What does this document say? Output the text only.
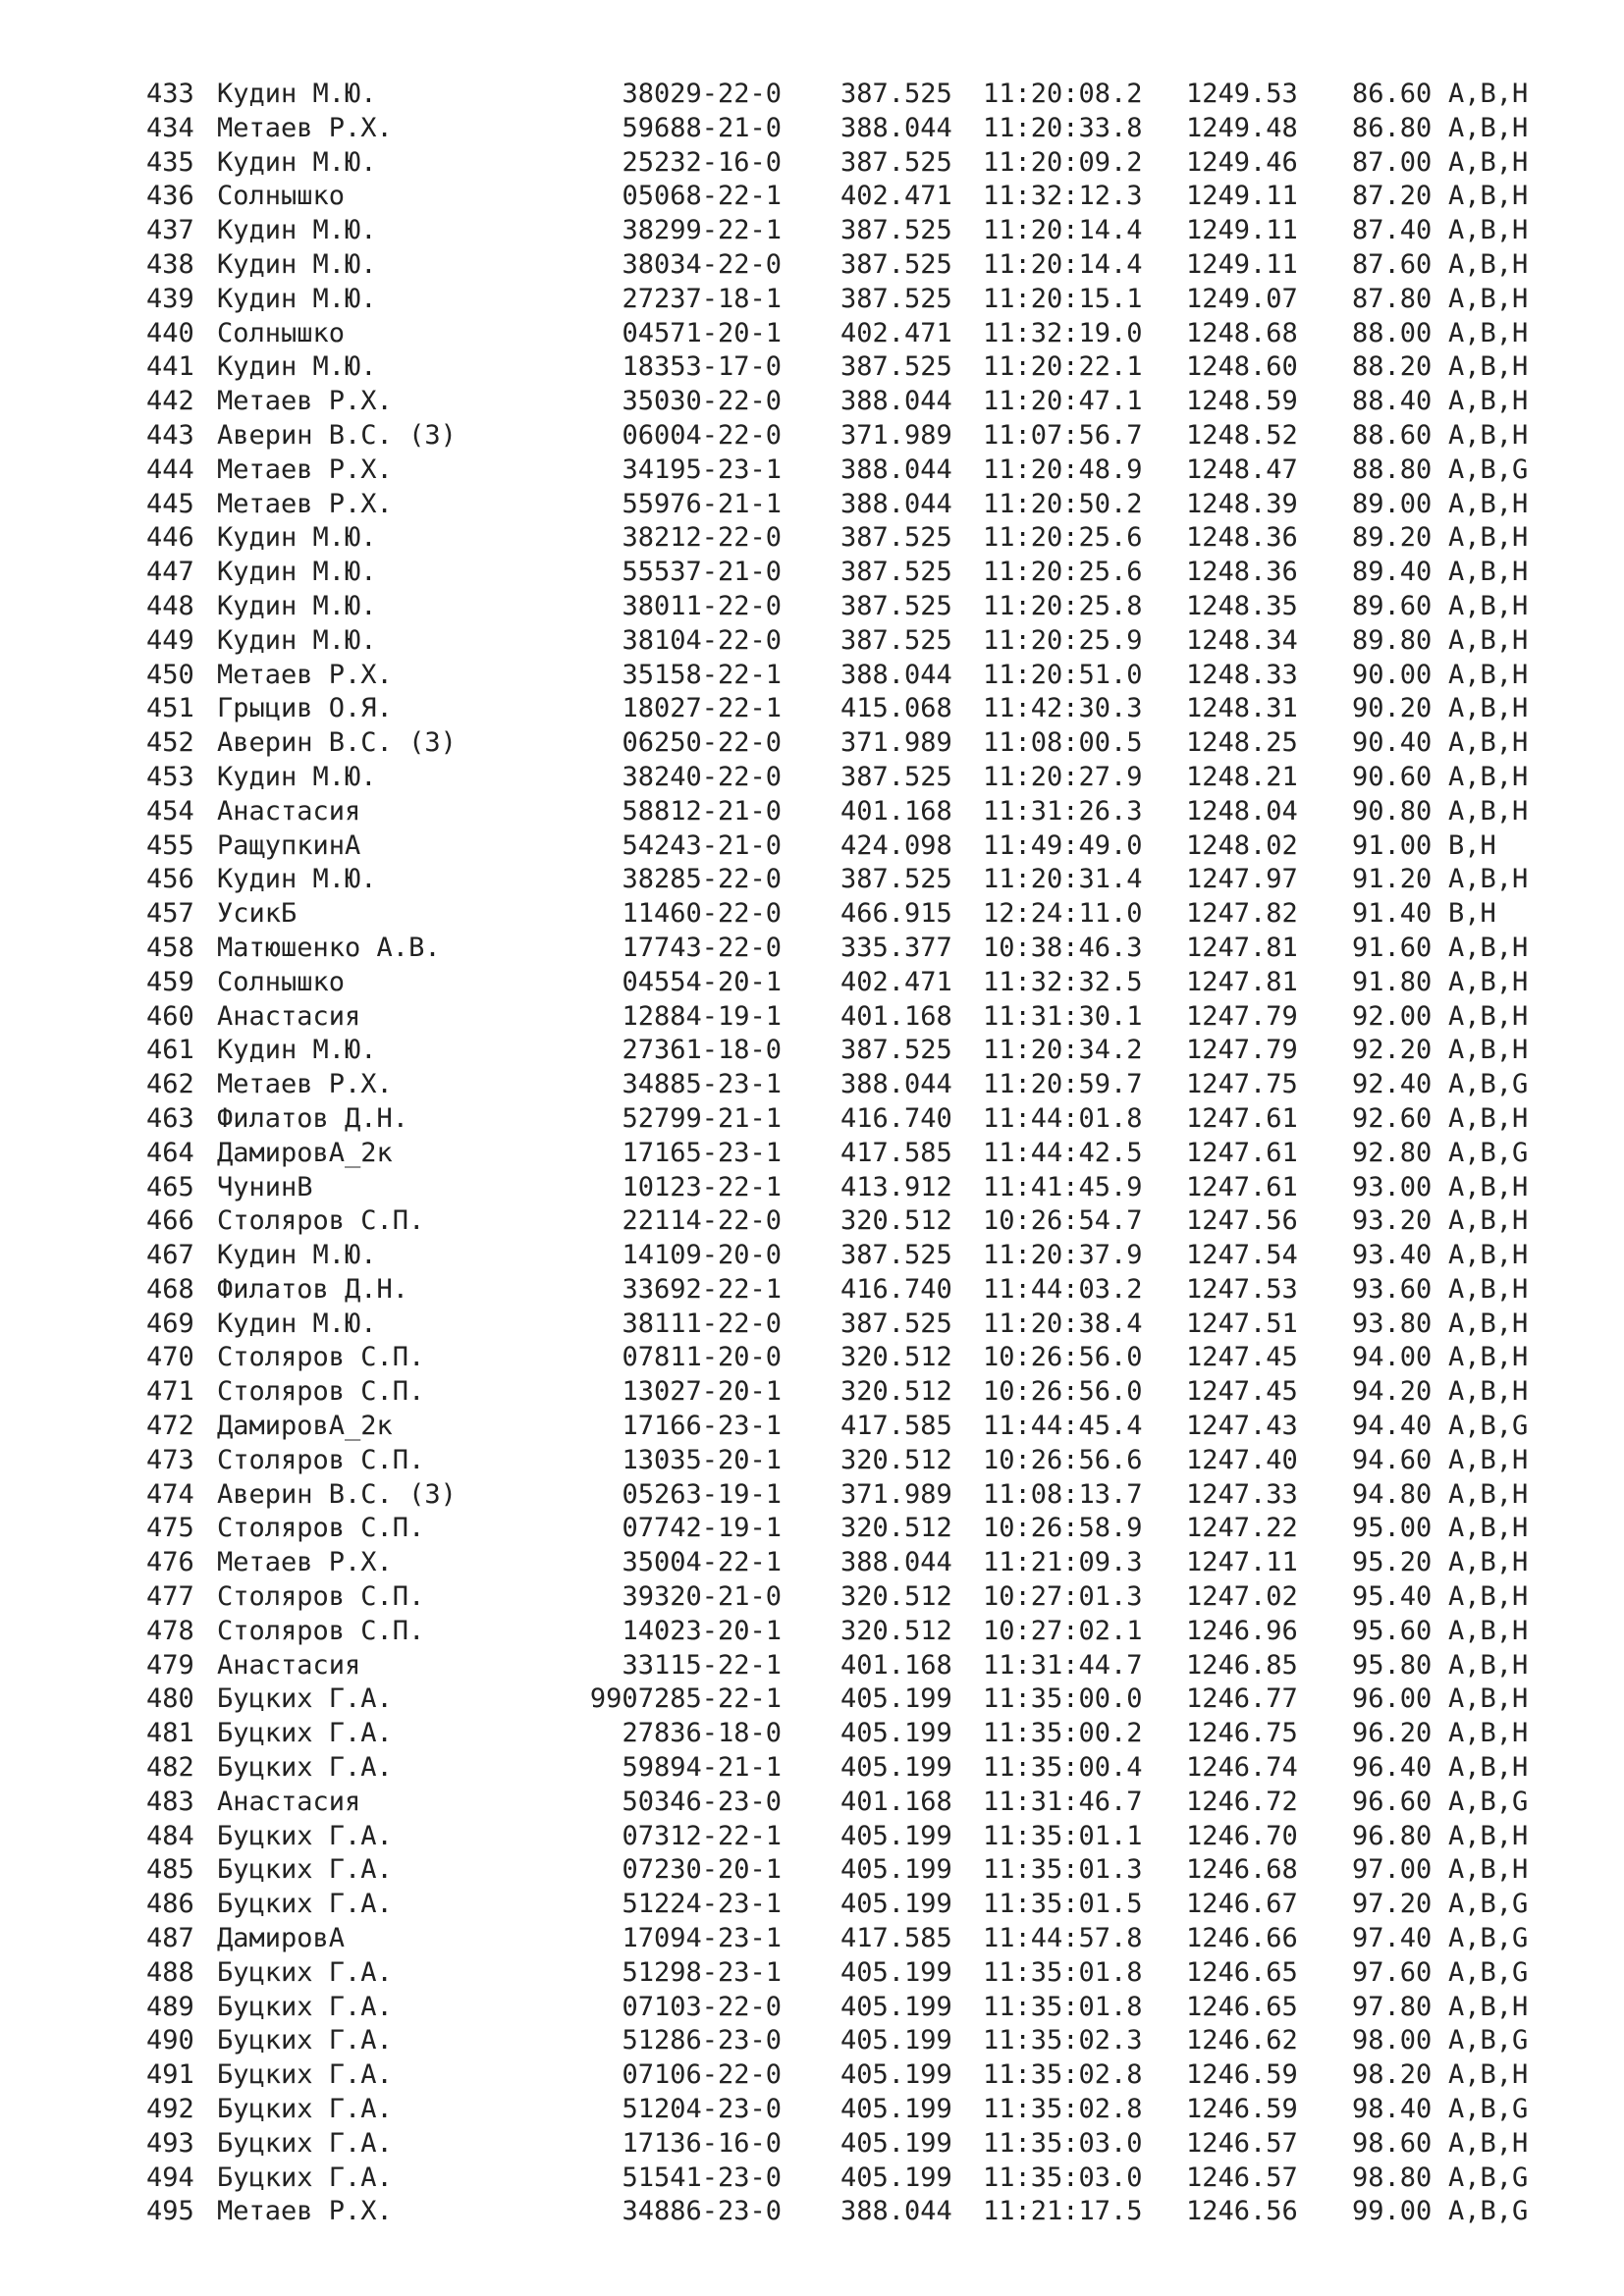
433 Кудин М.Ю.	38029-22-0 387.525 11:20:08.2 1249.53 86.60 A,B,H
434 Метаев Р.Х.	59688-21-0 388.044 11:20:33.8 1249.48 86.80 A,B,H
435 Кудин М.Ю.	25232-16-0 387.525 11:20:09.2 1249.46 87.00 A,B,H
436 Солнышко	05068-22-1 402.471 11:32:12.3 1249.11 87.20 A,B,H
437 Кудин М.Ю.	38299-22-1 387.525 11:20:14.4 1249.11 87.40 A,B,H
438 Кудин М.Ю.	38034-22-0 387.525 11:20:14.4 1249.11 87.60 A,B,H
439 Кудин М.Ю.	27237-18-1 387.525 11:20:15.1 1249.07 87.80 A,B,H
440 Солнышко	04571-20-1 402.471 11:32:19.0 1248.68 88.00 A,B,H
441 Кудин М.Ю.	18353-17-0 387.525 11:20:22.1 1248.60 88.20 A,B,H
442 Метаев Р.Х.	35030-22-0 388.044 11:20:47.1 1248.59 88.40 A,B,H
443 Аверин В.С. (З)	06004-22-0 371.989 11:07:56.7 1248.52 88.60 A,B,H
444 Метаев Р.Х.	34195-23-1 388.044 11:20:48.9 1248.47 88.80 A,B,G
445 Метаев Р.Х.	55976-21-1 388.044 11:20:50.2 1248.39 89.00 A,B,H
446 Кудин М.Ю.	38212-22-0 387.525 11:20:25.6 1248.36 89.20 A,B,H
447 Кудин М.Ю.	55537-21-0 387.525 11:20:25.6 1248.36 89.40 A,B,H
448 Кудин М.Ю.	38011-22-0 387.525 11:20:25.8 1248.35 89.60 A,B,H
449 Кудин М.Ю.	38104-22-0 387.525 11:20:25.9 1248.34 89.80 A,B,H
450 Метаев Р.Х.	35158-22-1 388.044 11:20:51.0 1248.33 90.00 A,B,H
451 Грыцив О.Я.	18027-22-1 415.068 11:42:30.3 1248.31 90.20 A,B,H
452 Аверин В.С. (З)	06250-22-0 371.989 11:08:00.5 1248.25 90.40 A,B,H
453 Кудин М.Ю.	38240-22-0 387.525 11:20:27.9 1248.21 90.60 A,B,H
454 Анастасия	58812-21-0 401.168 11:31:26.3 1248.04 90.80 A,B,H
455 РащупкинА	54243-21-0 424.098 11:49:49.0 1248.02 91.00 B,H
456 Кудин М.Ю.	38285-22-0 387.525 11:20:31.4 1247.97 91.20 A,B,H
457 УсикБ	11460-22-0 466.915 12:24:11.0 1247.82 91.40 B,H
458 Матюшенко А.В.	17743-22-0 335.377 10:38:46.3 1247.81 91.60 A,B,H
459 Солнышко	04554-20-1 402.471 11:32:32.5 1247.81 91.80 A,B,H
460 Анастасия	12884-19-1 401.168 11:31:30.1 1247.79 92.00 A,B,H
461 Кудин М.Ю.	27361-18-0 387.525 11:20:34.2 1247.79 92.20 A,B,H
462 Метаев Р.Х.	34885-23-1 388.044 11:20:59.7 1247.75 92.40 A,B,G
463 Филатов Д.Н.	52799-21-1 416.740 11:44:01.8 1247.61 92.60 A,B,H
464 ДамировА_2к	17165-23-1 417.585 11:44:42.5 1247.61 92.80 A,B,G
465 ЧунинВ	10123-22-1 413.912 11:41:45.9 1247.61 93.00 A,B,H
466 Столяров С.П.	22114-22-0 320.512 10:26:54.7 1247.56 93.20 A,B,H
467 Кудин М.Ю.	14109-20-0 387.525 11:20:37.9 1247.54 93.40 A,B,H
468 Филатов Д.Н.	33692-22-1 416.740 11:44:03.2 1247.53 93.60 A,B,H
469 Кудин М.Ю.	38111-22-0 387.525 11:20:38.4 1247.51 93.80 A,B,H
470 Столяров С.П.	07811-20-0 320.512 10:26:56.0 1247.45 94.00 A,B,H
471 Столяров С.П.	13027-20-1 320.512 10:26:56.0 1247.45 94.20 A,B,H
472 ДамировА_2к	17166-23-1 417.585 11:44:45.4 1247.43 94.40 A,B,G
473 Столяров С.П.	13035-20-1 320.512 10:26:56.6 1247.40 94.60 A,B,H
474 Аверин В.С. (З)	05263-19-1 371.989 11:08:13.7 1247.33 94.80 A,B,H
475 Столяров С.П.	07742-19-1 320.512 10:26:58.9 1247.22 95.00 A,B,H
476 Метаев Р.Х.	35004-22-1 388.044 11:21:09.3 1247.11 95.20 A,B,H
477 Столяров С.П.	39320-21-0 320.512 10:27:01.3 1247.02 95.40 A,B,H
478 Столяров С.П.	14023-20-1 320.512 10:27:02.1 1246.96 95.60 A,B,H
479 Анастасия	33115-22-1 401.168 11:31:44.7 1246.85 95.80 A,B,H
480 Буцких Г.А.	9907285-22-1 405.199 11:35:00.0 1246.77 96.00 A,B,H
481 Буцких Г.А.	27836-18-0 405.199 11:35:00.2 1246.75 96.20 A,B,H
482 Буцких Г.А.	59894-21-1 405.199 11:35:00.4 1246.74 96.40 A,B,H
483 Анастасия	50346-23-0 401.168 11:31:46.7 1246.72 96.60 A,B,G
484 Буцких Г.А.	07312-22-1 405.199 11:35:01.1 1246.70 96.80 A,B,H
485 Буцких Г.А.	07230-20-1 405.199 11:35:01.3 1246.68 97.00 A,B,H
486 Буцких Г.А.	51224-23-1 405.199 11:35:01.5 1246.67 97.20 A,B,G
487 ДамировА	17094-23-1 417.585 11:44:57.8 1246.66 97.40 A,B,G
488 Буцких Г.А.	51298-23-1 405.199 11:35:01.8 1246.65 97.60 A,B,G
489 Буцких Г.А.	07103-22-0 405.199 11:35:01.8 1246.65 97.80 A,B,H
490 Буцких Г.А.	51286-23-0 405.199 11:35:02.3 1246.62 98.00 A,B,G
491 Буцких Г.А.	07106-22-0 405.199 11:35:02.8 1246.59 98.20 A,B,H
492 Буцких Г.А.	51204-23-0 405.199 11:35:02.8 1246.59 98.40 A,B,G
493 Буцких Г.А.	17136-16-0 405.199 11:35:03.0 1246.57 98.60 A,B,H
494 Буцких Г.А.	51541-23-0 405.199 11:35:03.0 1246.57 98.80 A,B,G
495 Метаев Р.Х.	34886-23-0 388.044 11:21:17.5 1246.56 99.00 A,B,G
